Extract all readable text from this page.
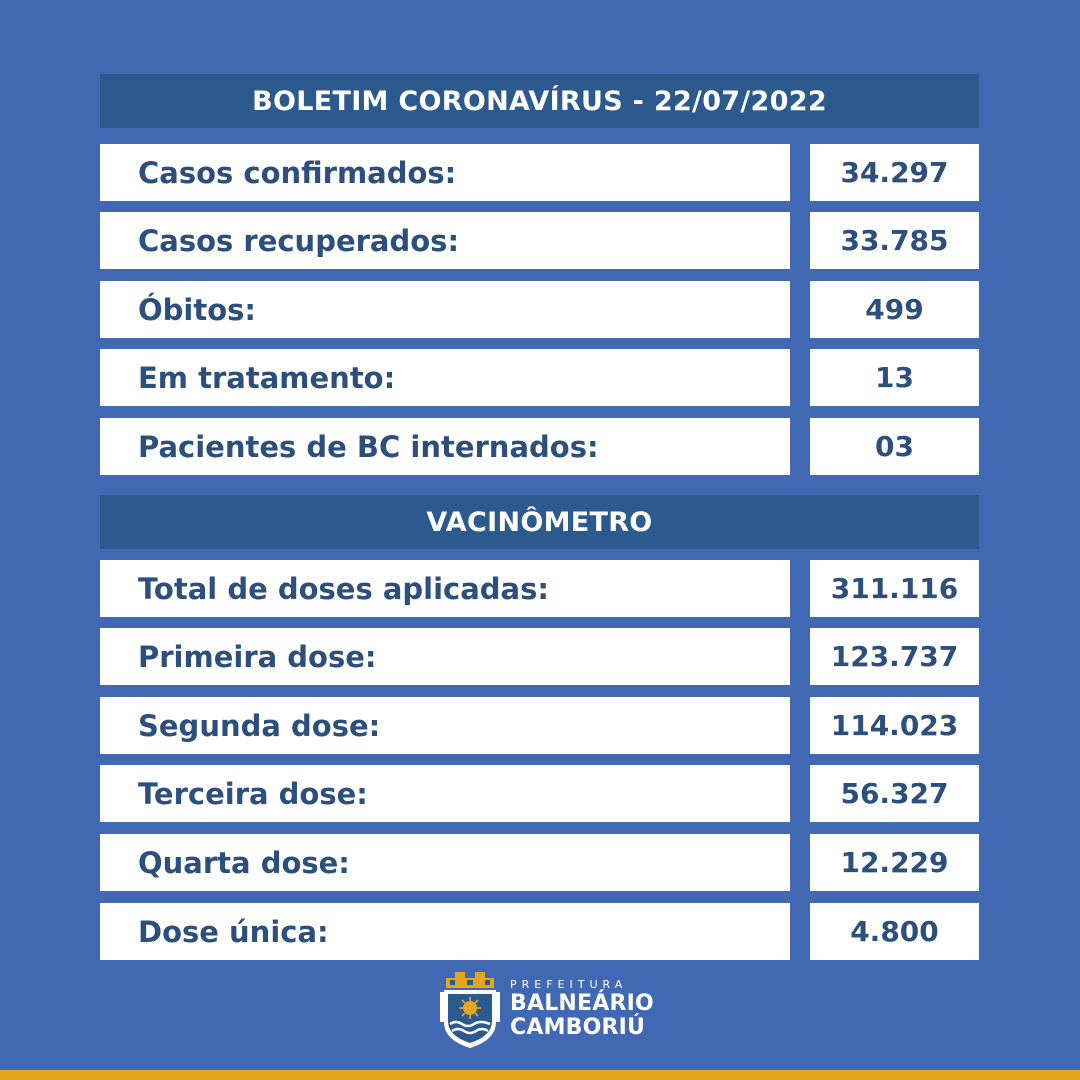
BOLETIM CORONAVÍRUS - 22/07/2022
Casos confirmados:	34.297
Casos recuperados:	33.785
Óbitos:	499
Em tratamento:	13
Pacientes de BC internados:	03
VACINÔMETRO
Total de doses aplicadas:	311.116
Primeira dose:	123.737
Segunda dose:	114.023
Terceira dose:	56.327
Quarta dose:	12.229
Dose única:	4.800
PREFEITURA
BALNEÁRIO
CAMBORIÚ
